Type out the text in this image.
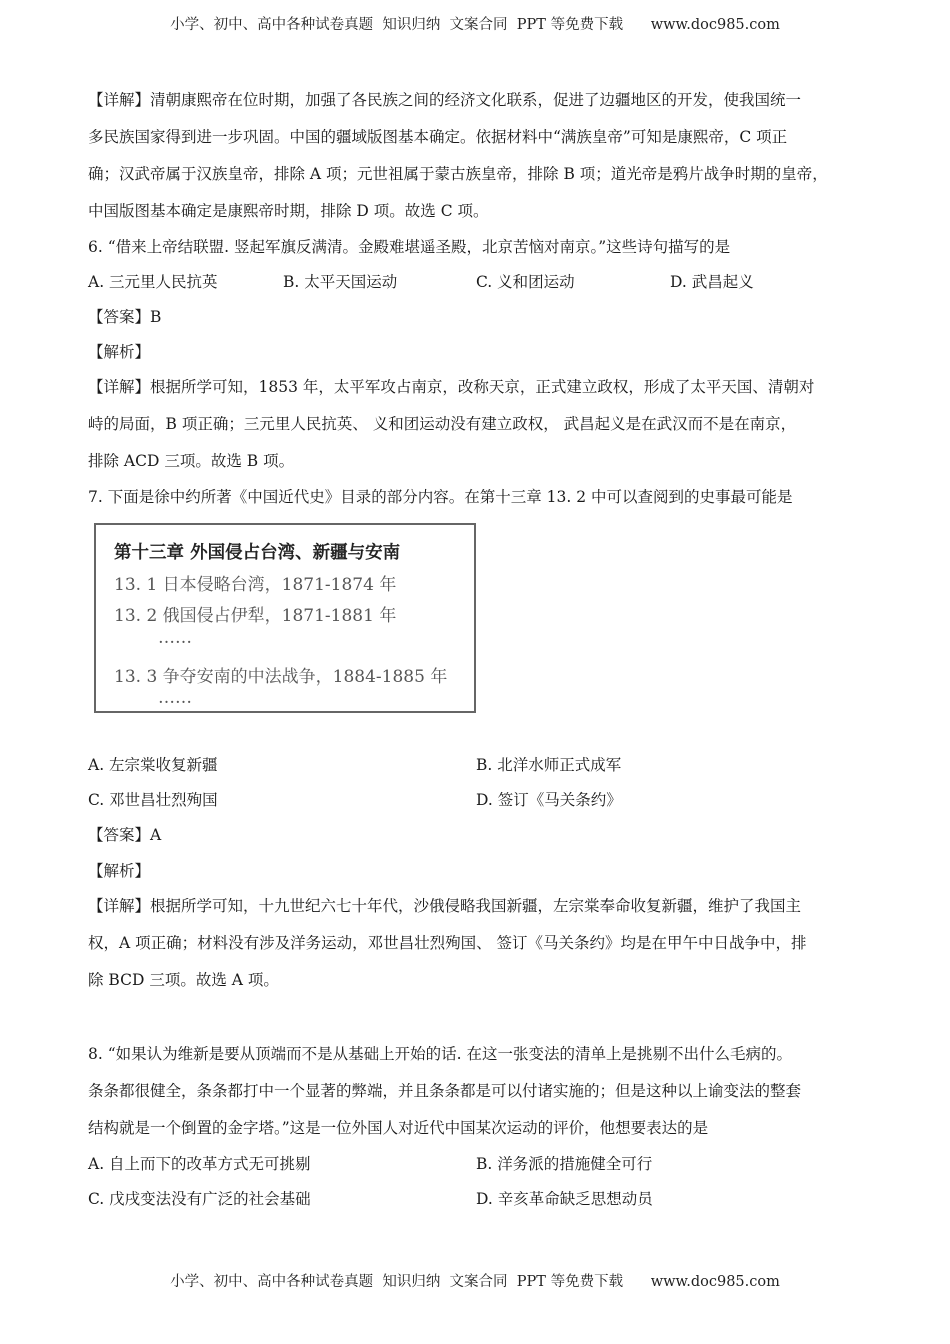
小学、初中、高中各种试卷真题  知识归纳  文案合同  PPT 等免费下载      www.doc985.com
【详解】清朝康熙帝在位时期，加强了各民族之间的经济文化联系，促进了边疆地区的开发，使我国统一
多民族国家得到进一步巩固。中国的疆域版图基本确定。依据材料中“满族皇帝”可知是康熙帝，C 项正
确；汉武帝属于汉族皇帝，排除 A 项；元世祖属于蒙古族皇帝，排除 B 项；道光帝是鸦片战争时期的皇帝，
中国版图基本确定是康熙帝时期，排除 D 项。故选 C 项。
6. “借来上帝结联盟. 竖起军旗反满清。金殿难堪遥圣殿，北京苦恼对南京。”这些诗句描写的是
A. 三元里人民抗英	B. 太平天国运动	C. 义和团运动	D. 武昌起义
【答案】B
【解析】
【详解】根据所学可知，1853 年，太平军攻占南京，改称天京，正式建立政权，形成了太平天国、清朝对
峙的局面，B 项正确；三元里人民抗英、 义和团运动没有建立政权， 武昌起义是在武汉而不是在南京，
排除 ACD 三项。故选 B 项。
7. 下面是徐中约所著《中国近代史》目录的部分内容。在第十三章 13. 2 中可以查阅到的史事最可能是
第十三章 外国侵占台湾、新疆与安南
13. 1 日本侵略台湾，1871-1874 年
13. 2 俄国侵占伊犁，1871-1881 年
……
13. 3 争夺安南的中法战争，1884-1885 年
……
A. 左宗棠收复新疆	B. 北洋水师正式成军
C. 邓世昌壮烈殉国	D. 签订《马关条约》
【答案】A
【解析】
【详解】根据所学可知，十九世纪六七十年代，沙俄侵略我国新疆，左宗棠奉命收复新疆，维护了我国主
权，A 项正确；材料没有涉及洋务运动，邓世昌壮烈殉国、 签订《马关条约》均是在甲午中日战争中，排
除 BCD 三项。故选 A 项。
8. “如果认为维新是要从顶端而不是从基础上开始的话. 在这一张变法的清单上是挑剔不出什么毛病的。
条条都很健全，条条都打中一个显著的弊端，并且条条都是可以付诸实施的；但是这种以上谕变法的整套
结构就是一个倒置的金字塔。”这是一位外国人对近代中国某次运动的评价，他想要表达的是
A. 自上而下的改革方式无可挑剔	B. 洋务派的措施健全可行
C. 戊戌变法没有广泛的社会基础	D. 辛亥革命缺乏思想动员
小学、初中、高中各种试卷真题  知识归纳  文案合同  PPT 等免费下载      www.doc985.com
